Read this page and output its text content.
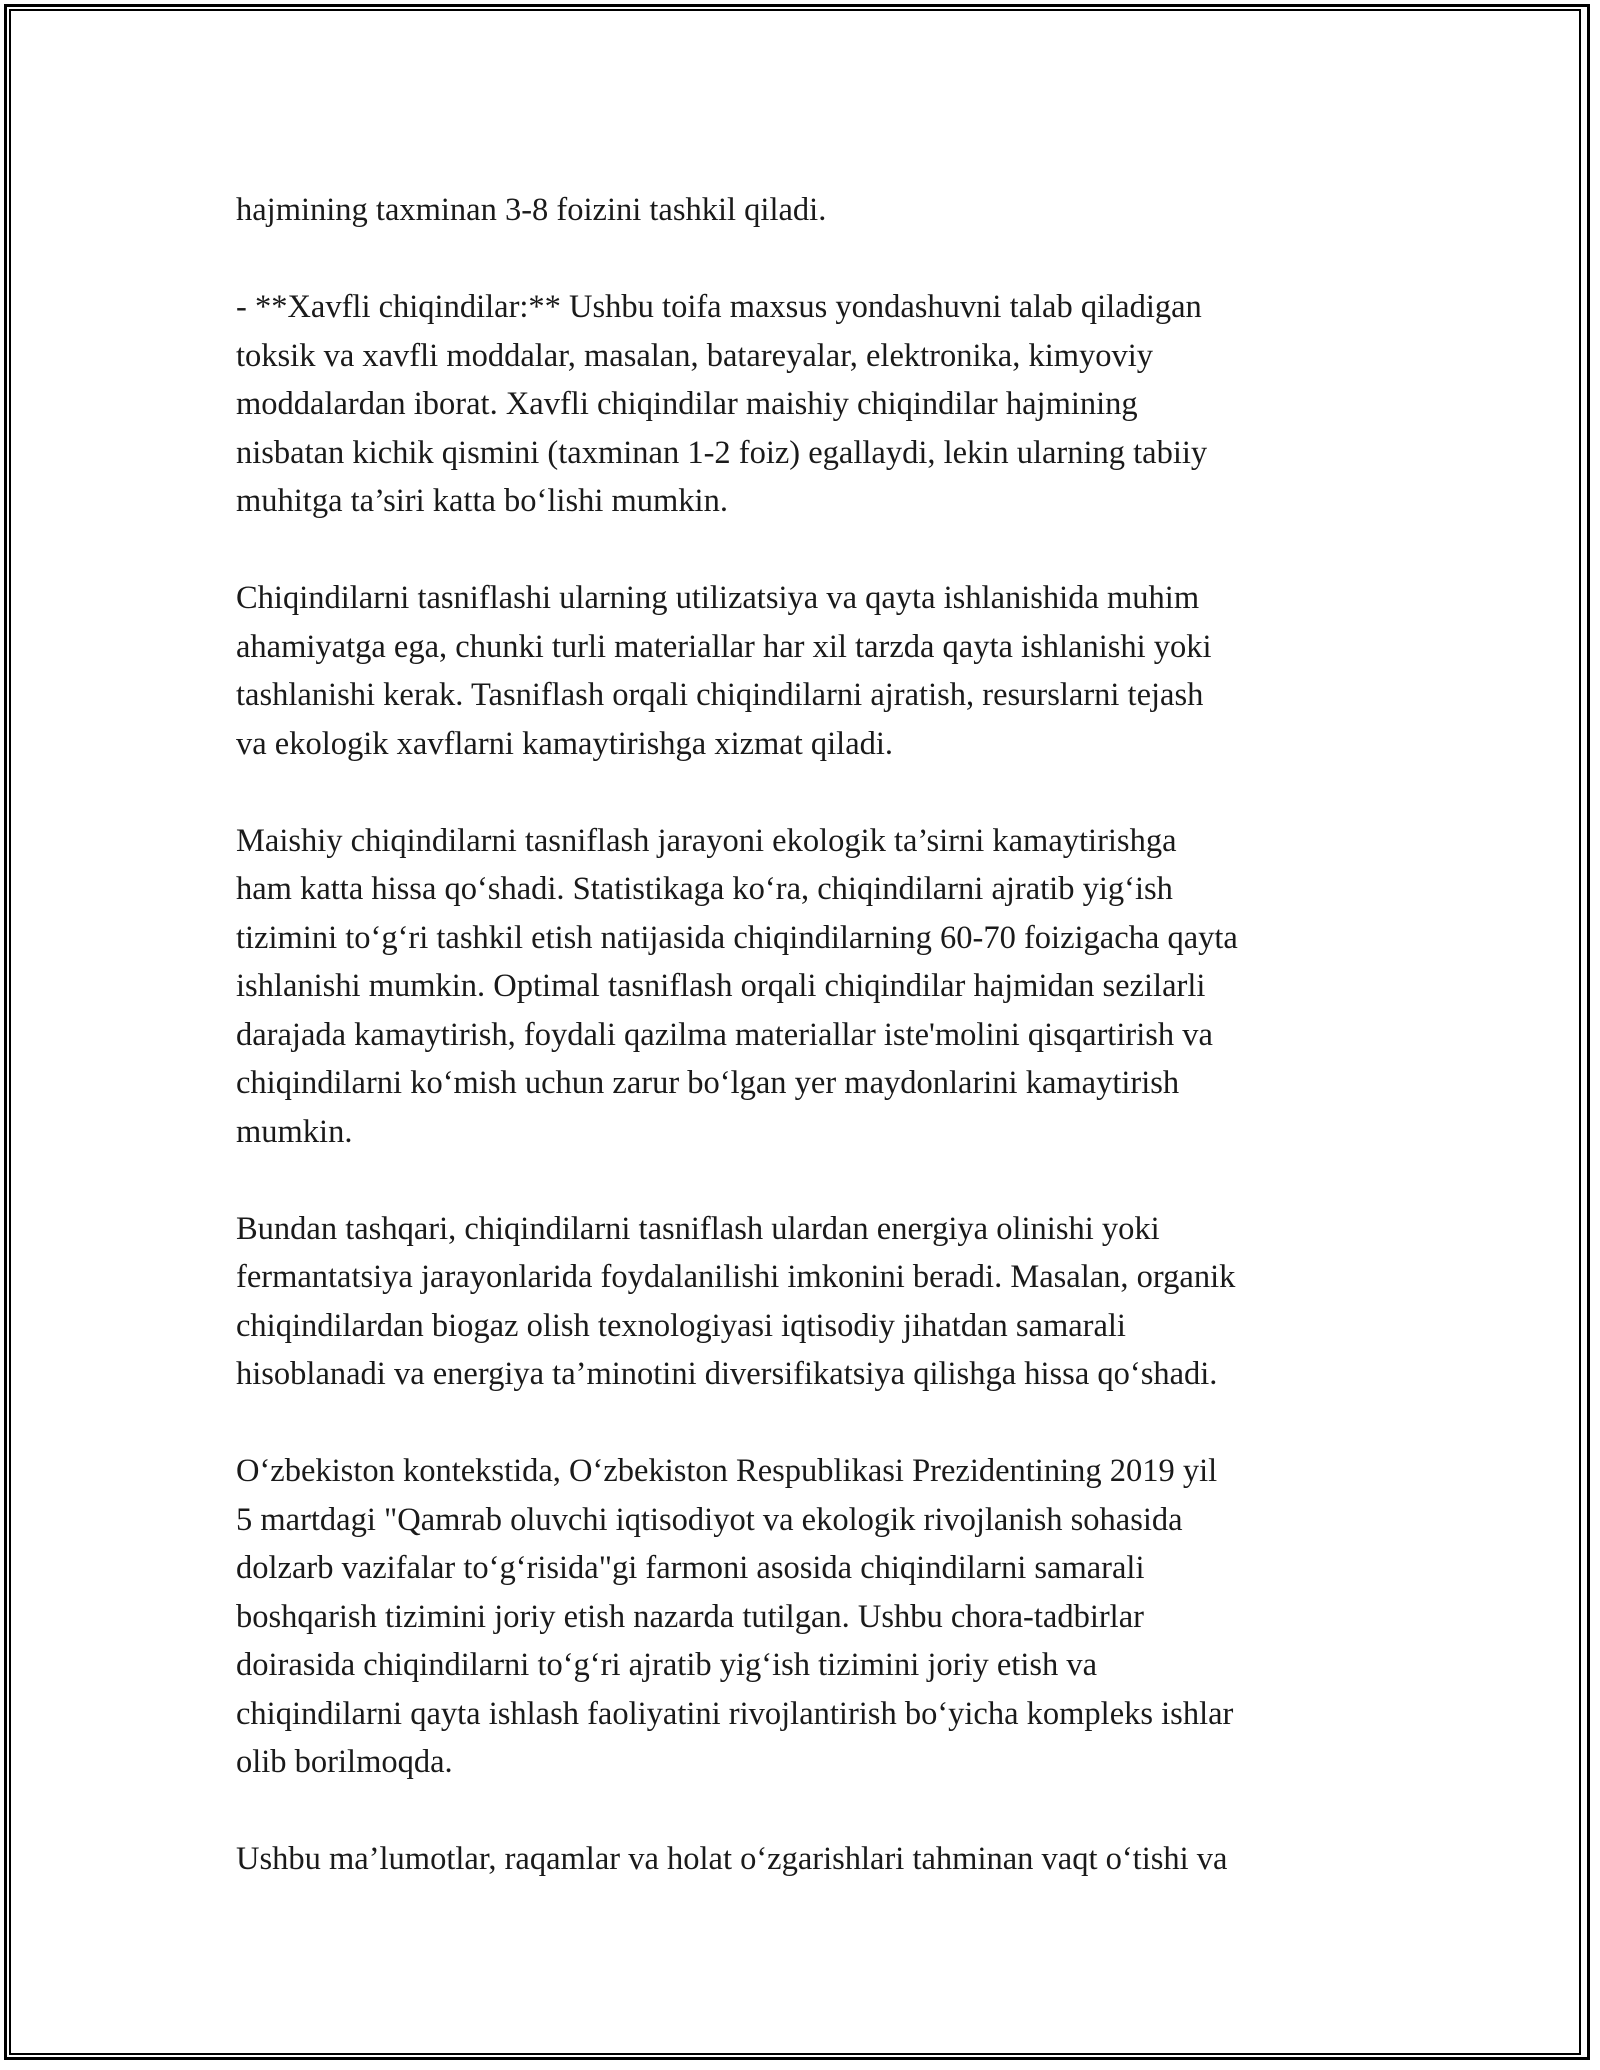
hajmining taxminan 3-8 foizini tashkil qiladi.

- **Xavfli chiqindilar:** Ushbu toifa maxsus yondashuvni talab qiladigan
toksik va xavfli moddalar, masalan, batareyalar, elektronika, kimyoviy
moddalardan iborat. Xavfli chiqindilar maishiy chiqindilar hajmining
nisbatan kichik qismini (taxminan 1-2 foiz) egallaydi, lekin ularning tabiiy
muhitga ta’siri katta bo‘lishi mumkin.

Chiqindilarni tasniflashi ularning utilizatsiya va qayta ishlanishida muhim
ahamiyatga ega, chunki turli materiallar har xil tarzda qayta ishlanishi yoki
tashlanishi kerak. Tasniflash orqali chiqindilarni ajratish, resurslarni tejash
va ekologik xavflarni kamaytirishga xizmat qiladi.

Maishiy chiqindilarni tasniflash jarayoni ekologik ta’sirni kamaytirishga
ham katta hissa qo‘shadi. Statistikaga ko‘ra, chiqindilarni ajratib yig‘ish
tizimini to‘g‘ri tashkil etish natijasida chiqindilarning 60-70 foizigacha qayta
ishlanishi mumkin. Optimal tasniflash orqali chiqindilar hajmidan sezilarli
darajada kamaytirish, foydali qazilma materiallar iste'molini qisqartirish va
chiqindilarni ko‘mish uchun zarur bo‘lgan yer maydonlarini kamaytirish
mumkin.

Bundan tashqari, chiqindilarni tasniflash ulardan energiya olinishi yoki
fermantatsiya jarayonlarida foydalanilishi imkonini beradi. Masalan, organik
chiqindilardan biogaz olish texnologiyasi iqtisodiy jihatdan samarali
hisoblanadi va energiya ta’minotini diversifikatsiya qilishga hissa qo‘shadi.

O‘zbekiston kontekstida, O‘zbekiston Respublikasi Prezidentining 2019 yil
5 martdagi "Qamrab oluvchi iqtisodiyot va ekologik rivojlanish sohasida
dolzarb vazifalar to‘g‘risida"gi farmoni asosida chiqindilarni samarali
boshqarish tizimini joriy etish nazarda tutilgan. Ushbu chora-tadbirlar
doirasida chiqindilarni to‘g‘ri ajratib yig‘ish tizimini joriy etish va
chiqindilarni qayta ishlash faoliyatini rivojlantirish bo‘yicha kompleks ishlar
olib borilmoqda.

Ushbu ma’lumotlar, raqamlar va holat o‘zgarishlari tahminan vaqt o‘tishi va
